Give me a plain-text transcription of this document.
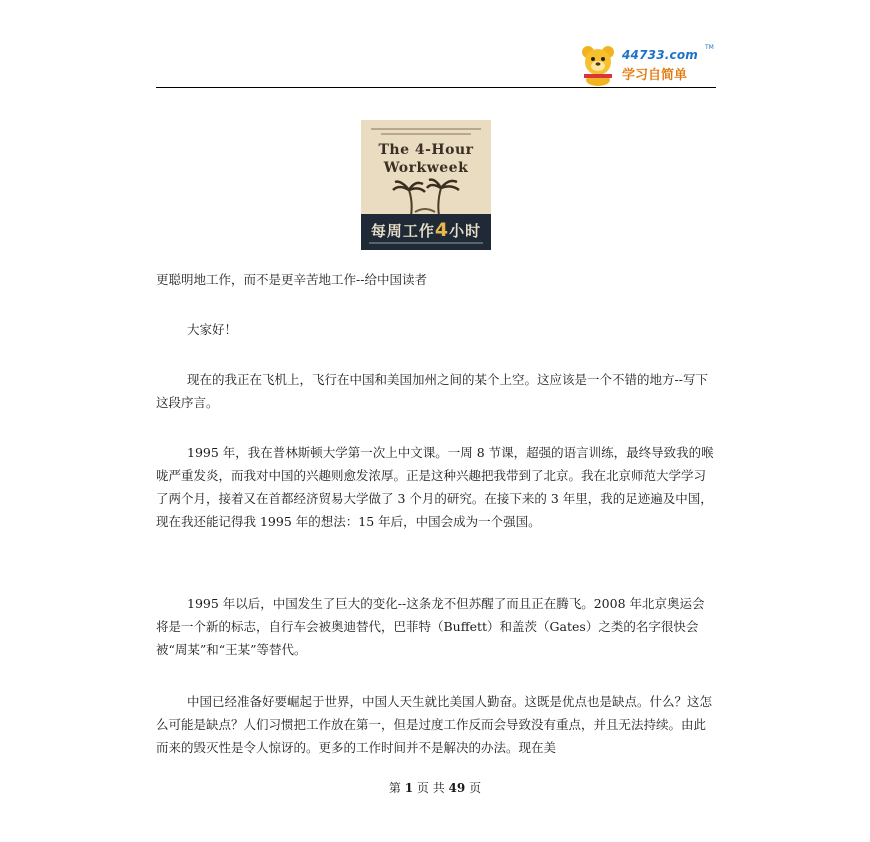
44733.com
TM
学习自简单
The 4-Hour
Workweek
每周工作4小时
更聪明地工作，而不是更辛苦地工作--给中国读者
大家好！
现在的我正在飞机上，飞行在中国和美国加州之间的某个上空。这应该是一个不错的地方--写下这段序言。
1995 年，我在普林斯顿大学第一次上中文课。一周 8 节课，超强的语言训练，最终导致我的喉咙严重发炎，而我对中国的兴趣则愈发浓厚。正是这种兴趣把我带到了北京。我在北京师范大学学习了两个月，接着又在首都经济贸易大学做了 3 个月的研究。在接下来的 3 年里，我的足迹遍及中国，现在我还能记得我 1995 年的想法：15 年后，中国会成为一个强国。
1995 年以后，中国发生了巨大的变化--这条龙不但苏醒了而且正在腾飞。2008 年北京奥运会将是一个新的标志，自行车会被奥迪替代，巴菲特（Buffett）和盖茨（Gates）之类的名字很快会被“周某”和“王某”等替代。
中国已经准备好要崛起于世界，中国人天生就比美国人勤奋。这既是优点也是缺点。什么？这怎么可能是缺点？人们习惯把工作放在第一，但是过度工作反而会导致没有重点，并且无法持续。由此而来的毁灭性是令人惊讶的。更多的工作时间并不是解决的办法。现在美
第 1 页 共 49 页
